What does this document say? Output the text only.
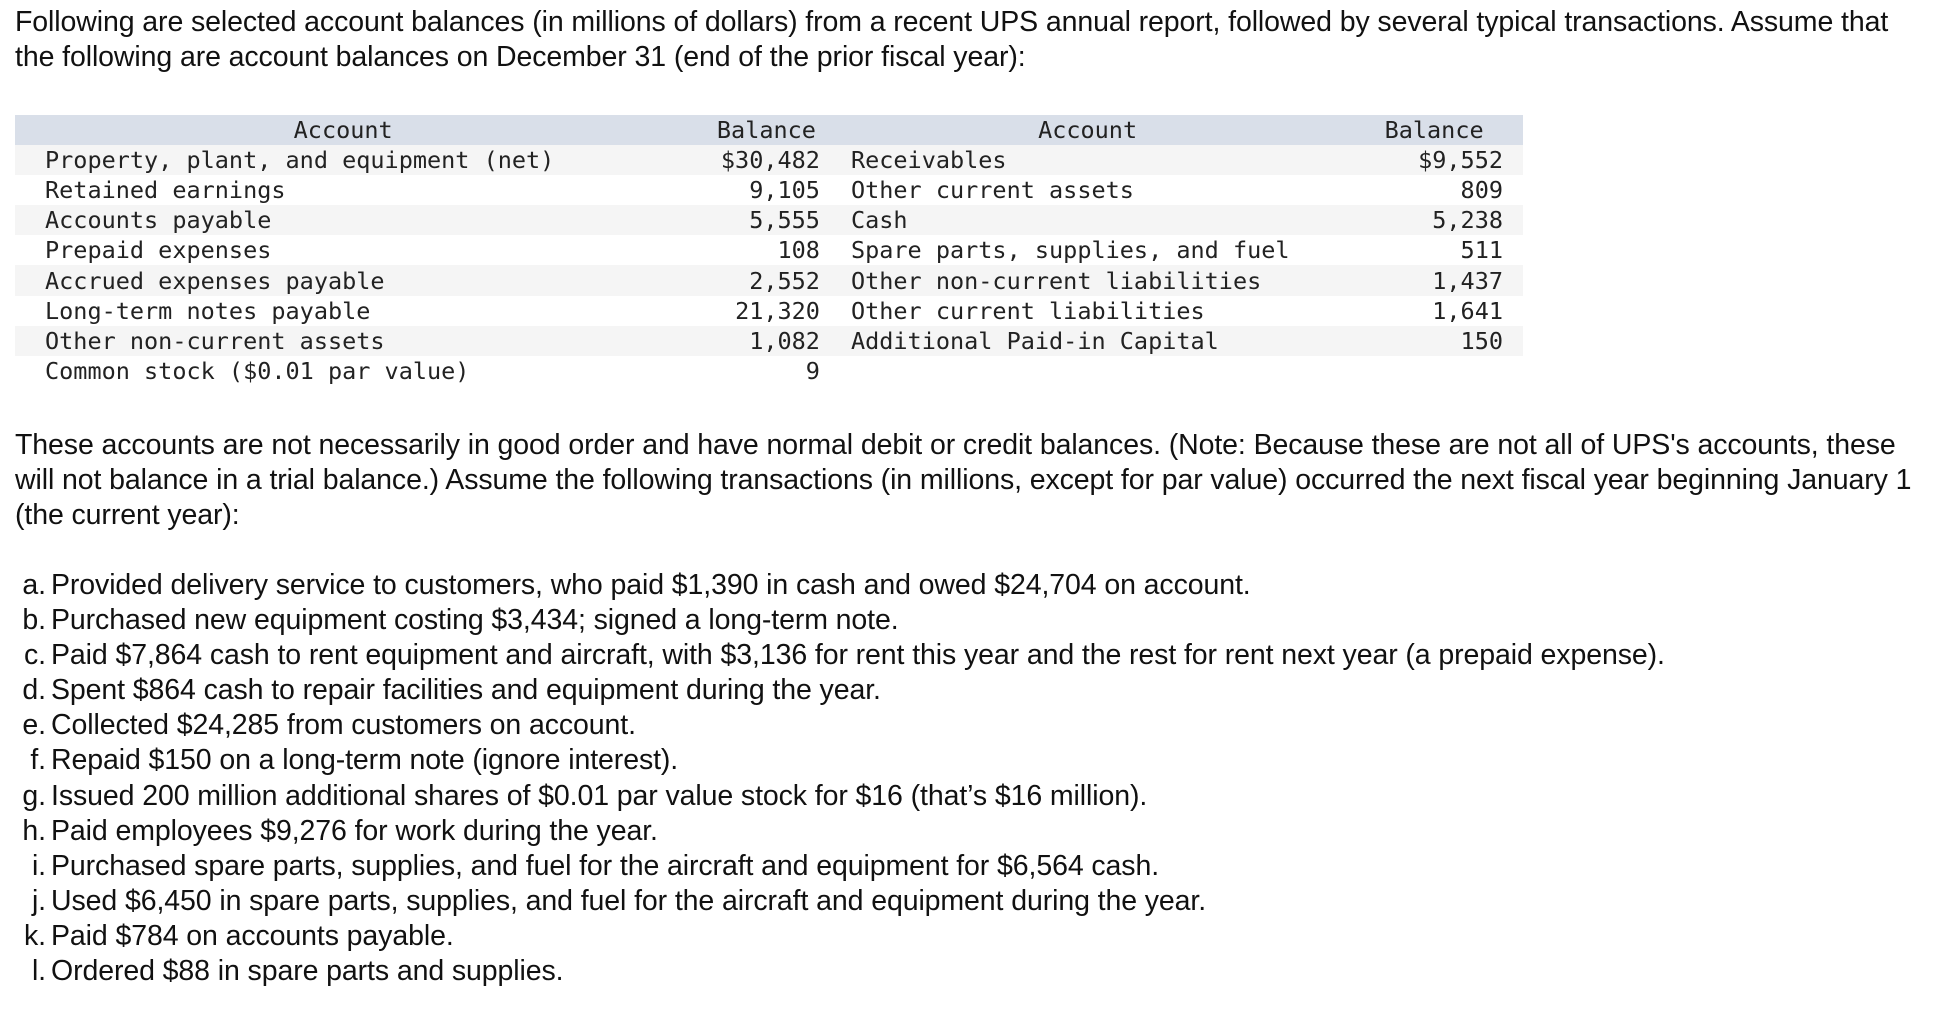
Following are selected account balances (in millions of dollars) from a recent UPS annual report, followed by several typical transactions. Assume that the following are account balances on December 31 (end of the prior fiscal year):

Account	Balance	Account	Balance
Property, plant, and equipment (net)	$30,482	Receivables	$9,552
Retained earnings	9,105	Other current assets	809
Accounts payable	5,555	Cash	5,238
Prepaid expenses	108	Spare parts, supplies, and fuel	511
Accrued expenses payable	2,552	Other non-current liabilities	1,437
Long-term notes payable	21,320	Other current liabilities	1,641
Other non-current assets	1,082	Additional Paid-in Capital	150
Common stock ($0.01 par value)	9		

These accounts are not necessarily in good order and have normal debit or credit balances. (Note: Because these are not all of UPS's accounts, these will not balance in a trial balance.) Assume the following transactions (in millions, except for par value) occurred the next fiscal year beginning January 1 (the current year):

a. Provided delivery service to customers, who paid $1,390 in cash and owed $24,704 on account.
b. Purchased new equipment costing $3,434; signed a long-term note.
c. Paid $7,864 cash to rent equipment and aircraft, with $3,136 for rent this year and the rest for rent next year (a prepaid expense).
d. Spent $864 cash to repair facilities and equipment during the year.
e. Collected $24,285 from customers on account.
f. Repaid $150 on a long-term note (ignore interest).
g. Issued 200 million additional shares of $0.01 par value stock for $16 (that’s $16 million).
h. Paid employees $9,276 for work during the year.
i. Purchased spare parts, supplies, and fuel for the aircraft and equipment for $6,564 cash.
j. Used $6,450 in spare parts, supplies, and fuel for the aircraft and equipment during the year.
k. Paid $784 on accounts payable.
l. Ordered $88 in spare parts and supplies.
